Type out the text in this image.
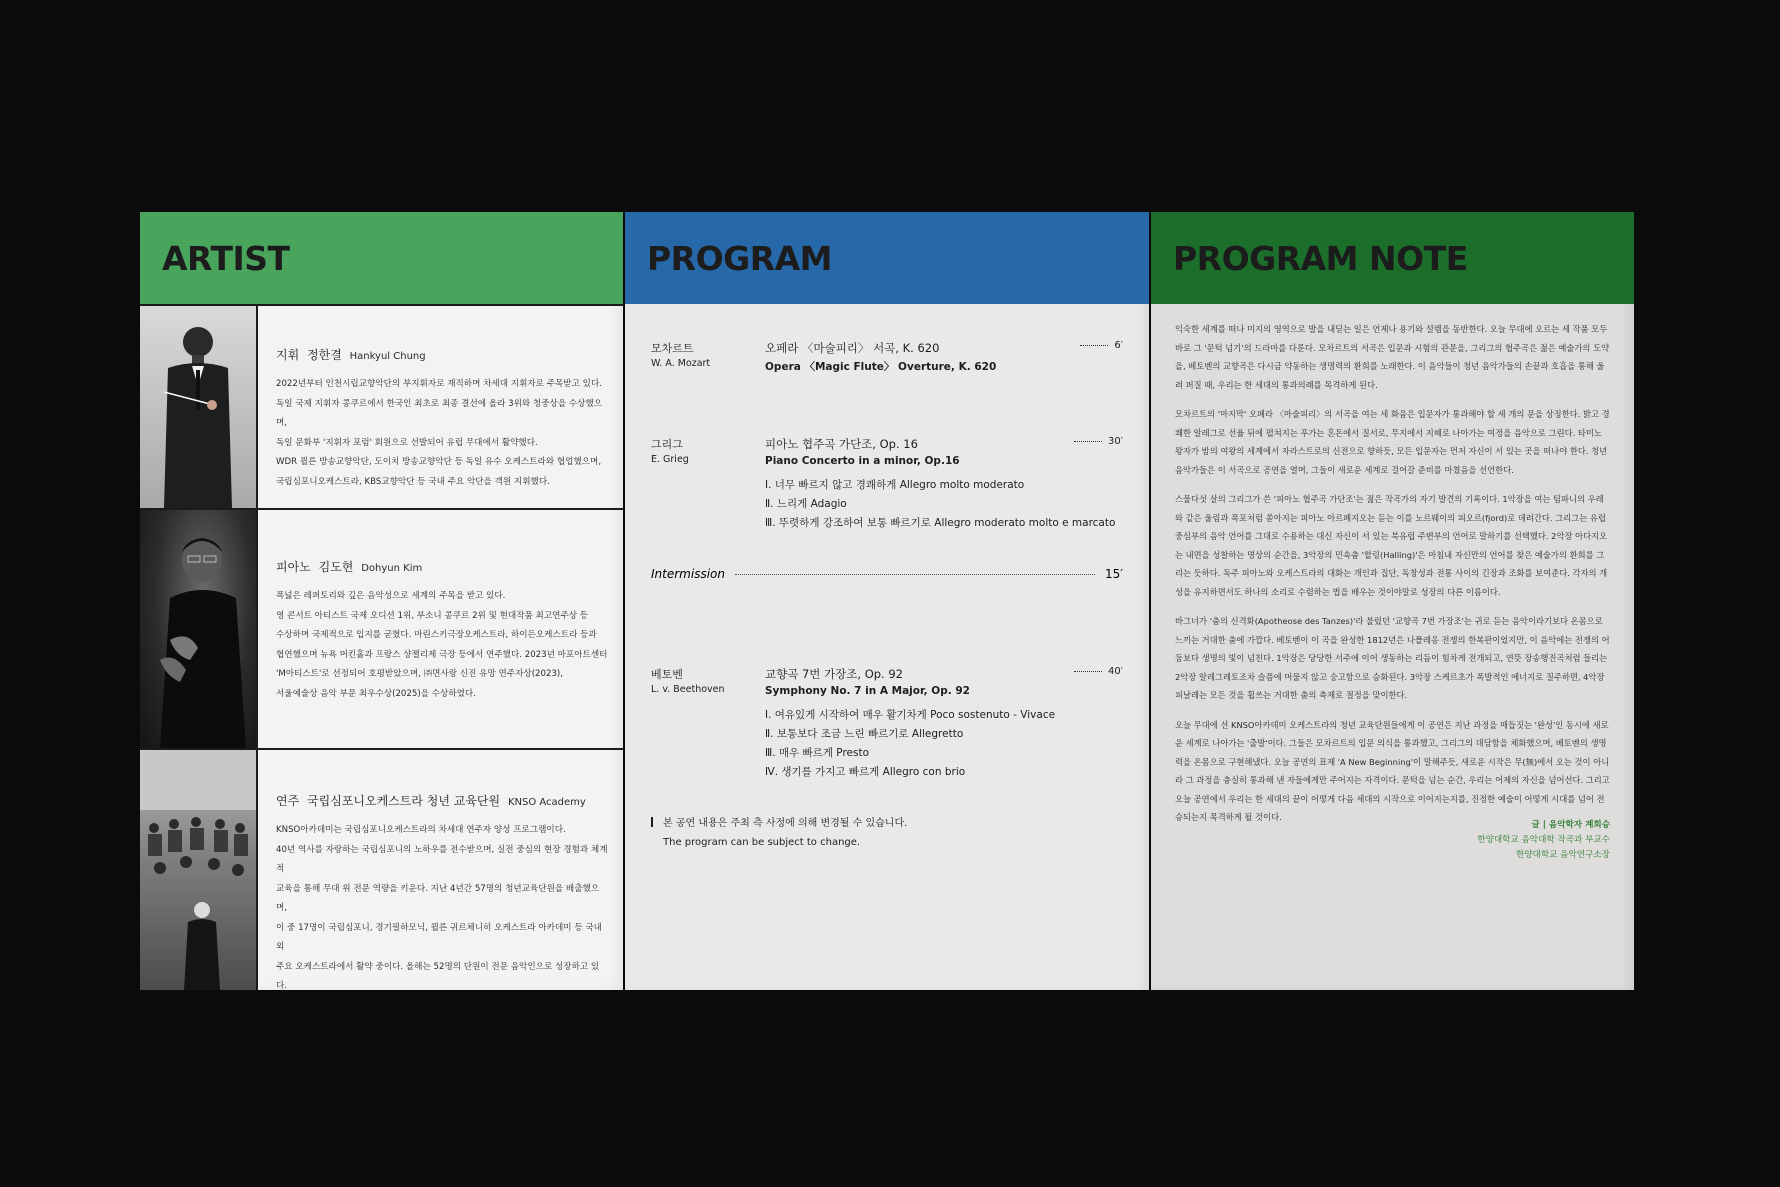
ARTIST
지휘 정한결 Hankyul Chung
2022년부터 인천시립교향악단의 부지휘자로 재직하며 차세대 지휘자로 주목받고 있다.
독일 국제 지휘자 콩쿠르에서 한국인 최초로 최종 결선에 올라 3위와 청중상을 수상했으며,
독일 문화부 '지휘자 포럼' 회원으로 선발되어 유럽 무대에서 활약했다.
WDR 쾰른 방송교향악단, 도이치 방송교향악단 등 독일 유수 오케스트라와 협업했으며,
국립심포니오케스트라, KBS교향악단 등 국내 주요 악단을 객원 지휘했다.
피아노 김도현 Dohyun Kim
폭넓은 레퍼토리와 깊은 음악성으로 세계의 주목을 받고 있다.
영 콘서트 아티스트 국제 오디션 1위, 부소니 콩쿠르 2위 및 현대작품 최고연주상 등
수상하며 국제적으로 입지를 굳혔다. 마린스키극장오케스트라, 하이든오케스트라 등과
협연했으며 뉴욕 머킨홀과 프랑스 샹젤리제 극장 등에서 연주했다. 2023년 마포아트센터
'M아티스트'로 선정되어 호평받았으며, ㈜면사랑 신진 유망 연주자상(2023),
서울예술상 음악 부문 최우수상(2025)을 수상하였다.
연주 국립심포니오케스트라 청년 교육단원 KNSO Academy
KNSO아카데미는 국립심포니오케스트라의 차세대 연주자 양성 프로그램이다.
40년 역사를 자랑하는 국립심포니의 노하우를 전수받으며, 실전 중심의 현장 경험과 체계적
교육을 통해 무대 위 전문 역량을 키운다. 지난 4년간 57명의 청년교육단원을 배출했으며,
이 중 17명이 국립심포니, 경기필하모닉, 쾰른 귀르체니히 오케스트라 아카데미 등 국내외
주요 오케스트라에서 활약 중이다. 올해는 52명의 단원이 전문 음악인으로 성장하고 있다.
PROGRAM
모차르트
W. A. Mozart
오페라 〈마술피리〉 서곡, K. 620
Opera 〈Magic Flute〉 Overture, K. 620
6′
그리그
E. Grieg
피아노 협주곡 가단조, Op. 16
Piano Concerto in a minor, Op.16
30′
Ⅰ. 너무 빠르지 않고 경쾌하게 Allegro molto moderato
Ⅱ. 느리게 Adagio
Ⅲ. 뚜렷하게 강조하여 보통 빠르기로 Allegro moderato molto e marcato
Intermission	15′
베토벤
L. v. Beethoven
교향곡 7번 가장조, Op. 92
Symphony No. 7 in A Major, Op. 92
40′
Ⅰ. 여유있게 시작하여 매우 활기차게 Poco sostenuto - Vivace
Ⅱ. 보통보다 조금 느린 빠르기로 Allegretto
Ⅲ. 매우 빠르게 Presto
Ⅳ. 생기를 가지고 빠르게 Allegro con brio
본 공연 내용은 주최 측 사정에 의해 변경될 수 있습니다.
The program can be subject to change.
PROGRAM NOTE

익숙한 세계를 떠나 미지의 영역으로 발을 내딛는 일은 언제나 용기와 설렘을 동반한다. 오늘 무대에 오르는 세 작품 모두 바로 그 '문턱 넘기'의 드라마를 다룬다. 모차르트의 서곡은 입문과 시험의 관문을, 그리그의 협주곡은 젊은 예술가의 도약을, 베토벤의 교향곡은 다시금 약동하는 생명력의 환희를 노래한다. 이 음악들이 청년 음악가들의 손끝과 호흡을 통해 울려 퍼질 때, 우리는 한 세대의 통과의례를 목격하게 된다.

모차르트의 '마지막' 오페라 〈마술피리〉의 서곡을 여는 세 화음은 입문자가 통과해야 할 세 개의 문을 상징한다. 밝고 경쾌한 알레그로 선율 뒤에 펼쳐지는 푸가는 혼돈에서 질서로, 무지에서 지혜로 나아가는 여정을 음악으로 그린다. 타미노 왕자가 밤의 여왕의 세계에서 자라스트로의 신전으로 향하듯, 모든 입문자는 먼저 자신이 서 있는 곳을 떠나야 한다. 청년 음악가들은 이 서곡으로 공연을 열며, 그들이 새로운 세계로 걸어갈 준비를 마쳤음을 선언한다.

스물다섯 살의 그리그가 쓴 '피아노 협주곡 가단조'는 젊은 작곡가의 자기 발견의 기록이다. 1악장을 여는 팀파니의 우레와 같은 울림과 폭포처럼 쏟아지는 피아노 아르페지오는 듣는 이를 노르웨이의 피오르(fjord)로 데려간다. 그리그는 유럽 중심부의 음악 언어를 그대로 수용하는 대신 자신이 서 있는 북유럽 주변부의 언어로 말하기를 선택했다. 2악장 아다지오는 내면을 성찰하는 명상의 순간을, 3악장의 민속춤 '할링(Halling)'은 마침내 자신만의 언어를 찾은 예술가의 환희를 그리는 듯하다. 독주 피아노와 오케스트라의 대화는 개인과 집단, 독창성과 전통 사이의 긴장과 조화를 보여준다. 각자의 개성을 유지하면서도 하나의 소리로 수렴하는 법을 배우는 것이야말로 성장의 다른 이름이다.

바그너가 '춤의 신격화(Apotheose des Tanzes)'라 불렀던 '교향곡 7번 가장조'는 귀로 듣는 음악이라기보다 온몸으로 느끼는 거대한 춤에 가깝다. 베토벤이 이 곡을 완성한 1812년은 나폴레옹 전쟁의 한복판이었지만, 이 음악에는 전쟁의 어둠보다 생명의 빛이 넘친다. 1악장은 당당한 서주에 이어 생동하는 리듬이 힘차게 전개되고, 연뜻 장송행진곡처럼 들리는 2악장 알레그레토조차 슬픔에 머물지 않고 숭고함으로 승화된다. 3악장 스케르초가 폭발적인 에너지로 질주하면, 4악장 피날레는 모든 것을 휩쓰는 거대한 춤의 축제로 절정을 맞이한다.

오늘 무대에 선 KNSO아카데미 오케스트라의 청년 교육단원들에게 이 공연은 지난 과정을 매듭짓는 '완성'인 동시에 새로운 세계로 나아가는 '출발'이다. 그들은 모차르트의 입문 의식을 통과했고, 그리그의 대담함을 체화했으며, 베토벤의 생명력을 온몸으로 구현해냈다. 오늘 공연의 표제 'A New Beginning'이 말해주듯, 새로운 시작은 무(無)에서 오는 것이 아니라 그 과정을 충실히 통과해 낸 자들에게만 주어지는 자격이다. 문턱을 넘는 순간, 우리는 어제의 자신을 넘어선다. 그리고 오늘 공연에서 우리는 한 세대의 끝이 어떻게 다음 세대의 시작으로 이어지는지를, 진정한 예술이 어떻게 시대를 넘어 전승되는지 목격하게 될 것이다.

글 | 음악학자 계희승
한양대학교 음악대학 작곡과 부교수
한양대학교 음악연구소장
